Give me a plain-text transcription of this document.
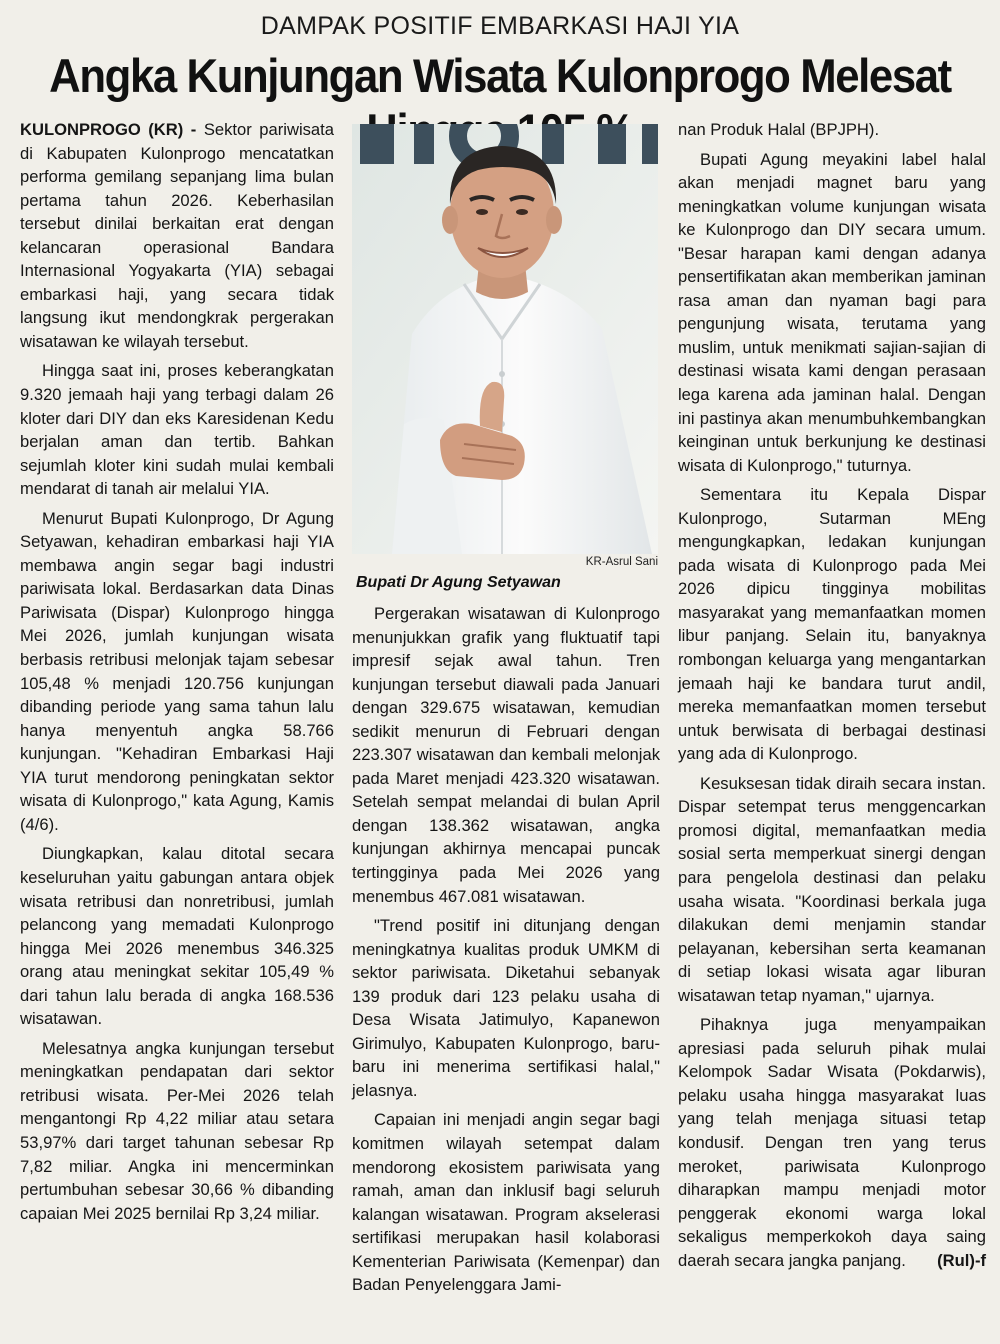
DAMPAK POSITIF EMBARKASI HAJI YIA
Angka Kunjungan Wisata Kulonprogo Melesat

KULONPROGO (KR) - Sektor pariwisata di Kabupaten Kulonprogo mencatatkan performa gemilang sepanjang lima bulan pertama tahun 2026. Keberhasilan tersebut dinilai berkaitan erat dengan kelancaran operasional Bandara Internasional Yogyakarta (YIA) sebagai embarkasi haji, yang secara tidak langsung ikut mendongkrak pergerakan wisatawan ke wilayah tersebut.

Hingga saat ini, proses keberangkatan 9.320 jemaah haji yang terbagi dalam 26 kloter dari DIY dan eks Karesidenan Kedu berjalan aman dan tertib. Bahkan sejumlah kloter kini sudah mulai kembali mendarat di tanah air melalui YIA.

Menurut Bupati Kulonprogo, Dr Agung Setyawan, kehadiran embarkasi haji YIA membawa angin segar bagi industri pariwisata lokal. Berdasarkan data Dinas Pariwisata (Dispar) Kulonprogo hingga Mei 2026, jumlah kunjungan wisata berbasis retribusi melonjak tajam sebesar 105,48 % menjadi 120.756 kunjungan dibanding periode yang sama tahun lalu hanya menyentuh angka 58.766 kunjungan. "Kehadiran Embarkasi Haji YIA turut mendorong peningkatan sektor wisata di Kulonprogo," kata Agung, Kamis (4/6).

Diungkapkan, kalau ditotal secara keseluruhan yaitu gabungan antara objek wisata retribusi dan nonretribusi, jumlah pelancong yang memadati Kulonprogo hingga Mei 2026 menembus 346.325 orang atau meningkat sekitar 105,49 % dari tahun lalu berada di angka 168.536 wisatawan.

Melesatnya angka kunjungan tersebut meningkatkan pendapatan dari sektor retribusi wisata. Per-Mei 2026 telah mengantongi Rp 4,22 miliar atau setara 53,97% dari target tahunan sebesar Rp 7,82 miliar. Angka ini mencerminkan pertumbuhan sebesar 30,66 % dibanding capaian Mei 2025 bernilai Rp 3,24 miliar.

KR-Asrul Sani
Bupati Dr Agung Setyawan

Pergerakan wisatawan di Kulonprogo menunjukkan grafik yang fluktuatif tapi impresif sejak awal tahun. Tren kunjungan tersebut diawali pada Januari dengan 329.675 wisatawan, kemudian sedikit menurun di Februari dengan 223.307 wisatawan dan kembali melonjak pada Maret menjadi 423.320 wisatawan. Setelah sempat melandai di bulan April dengan 138.362 wisatawan, angka kunjungan akhirnya mencapai puncak tertingginya pada Mei 2026 yang menembus 467.081 wisatawan.

"Trend positif ini ditunjang dengan meningkatnya kualitas produk UMKM di sektor pariwisata. Diketahui sebanyak 139 produk dari 123 pelaku usaha di Desa Wisata Jatimulyo, Kapanewon Girimulyo, Kabupaten Kulonprogo, baru-baru ini menerima sertifikasi halal," jelasnya.

Capaian ini menjadi angin segar bagi komitmen wilayah setempat dalam mendorong ekosistem pariwisata yang ramah, aman dan inklusif bagi seluruh kalangan wisatawan. Program akselerasi sertifikasi merupakan hasil kolaborasi Kementerian Pariwisata (Kemenpar) dan Badan Penyelenggara Jami-

nan Produk Halal (BPJPH).

Bupati Agung meyakini label halal akan menjadi magnet baru yang meningkatkan volume kunjungan wisata ke Kulonprogo dan DIY secara umum. "Besar harapan kami dengan adanya pensertifikatan akan memberikan jaminan rasa aman dan nyaman bagi para pengunjung wisata, terutama yang muslim, untuk menikmati sajian-sajian di destinasi wisata kami dengan perasaan lega karena ada jaminan halal. Dengan ini pastinya akan menumbuhkembangkan keinginan untuk berkunjung ke destinasi wisata di Kulonprogo," tuturnya.

Sementara itu Kepala Dispar Kulonprogo, Sutarman MEng mengungkapkan, ledakan kunjungan pada wisata di Kulonprogo pada Mei 2026 dipicu tingginya mobilitas masyarakat yang memanfaatkan momen libur panjang. Selain itu, banyaknya rombongan keluarga yang mengantarkan jemaah haji ke bandara turut andil, mereka memanfaatkan momen tersebut untuk berwisata di berbagai destinasi yang ada di Kulonprogo.

Kesuksesan tidak diraih secara instan. Dispar setempat terus menggencarkan promosi digital, memanfaatkan media sosial serta memperkuat sinergi dengan para pengelola destinasi dan pelaku usaha wisata. "Koordinasi berkala juga dilakukan demi menjamin standar pelayanan, kebersihan serta keamanan di setiap lokasi wisata agar liburan wisatawan tetap nyaman," ujarnya.

Pihaknya juga menyampaikan apresiasi pada seluruh pihak mulai Kelompok Sadar Wisata (Pokdarwis), pelaku usaha hingga masyarakat luas yang telah menjaga situasi tetap kondusif. Dengan tren yang terus meroket, pariwisata Kulonprogo diharapkan mampu menjadi motor penggerak ekonomi warga lokal sekaligus memperkokoh daya saing daerah secara jangka panjang.	(Rul)-f
